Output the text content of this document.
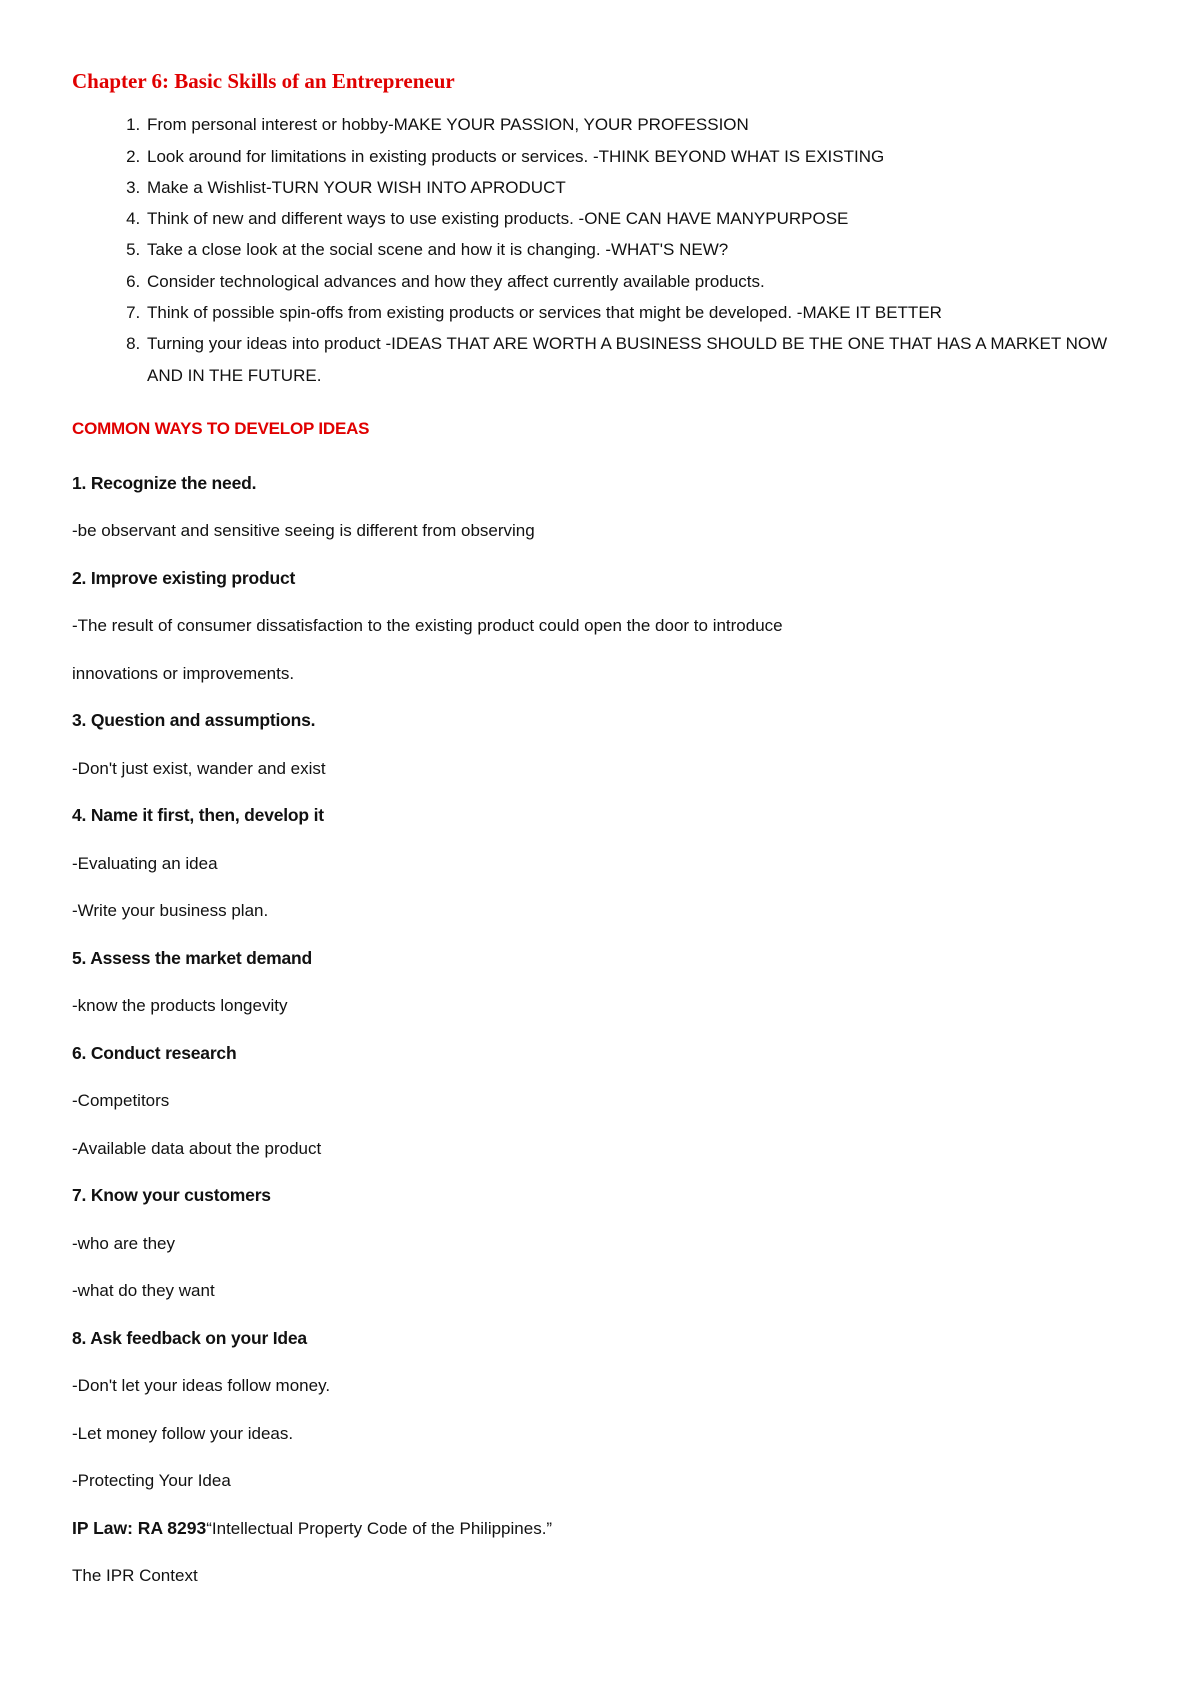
Chapter 6: Basic Skills of an Entrepreneur
1. From personal interest or hobby-MAKE YOUR PASSION, YOUR PROFESSION
2. Look around for limitations in existing products or services. -THINK BEYOND WHAT IS EXISTING
3. Make a Wishlist-TURN YOUR WISH INTO APRODUCT
4. Think of new and different ways to use existing products. -ONE CAN HAVE MANYPURPOSE
5. Take a close look at the social scene and how it is changing. -WHAT'S NEW?
6. Consider technological advances and how they affect currently available products.
7. Think of possible spin-offs from existing products or services that might be developed. -MAKE IT BETTER
8. Turning your ideas into product -IDEAS THAT ARE WORTH A BUSINESS SHOULD BE THE ONE THAT HAS A MARKET NOW AND IN THE FUTURE.
COMMON WAYS TO DEVELOP IDEAS
1. Recognize the need.
-be observant and sensitive seeing is different from observing
2. Improve existing product
-The result of consumer dissatisfaction to the existing product could open the door to introduce
innovations or improvements.
3. Question and assumptions.
-Don't just exist, wander and exist
4. Name it first, then, develop it
-Evaluating an idea
-Write your business plan.
5. Assess the market demand
-know the products longevity
6. Conduct research
-Competitors
-Available data about the product
7. Know your customers
-who are they
-what do they want
8. Ask feedback on your Idea
-Don't let your ideas follow money.
-Let money follow your ideas.
-Protecting Your Idea
IP Law: RA 8293“Intellectual Property Code of the Philippines.”
The IPR Context
